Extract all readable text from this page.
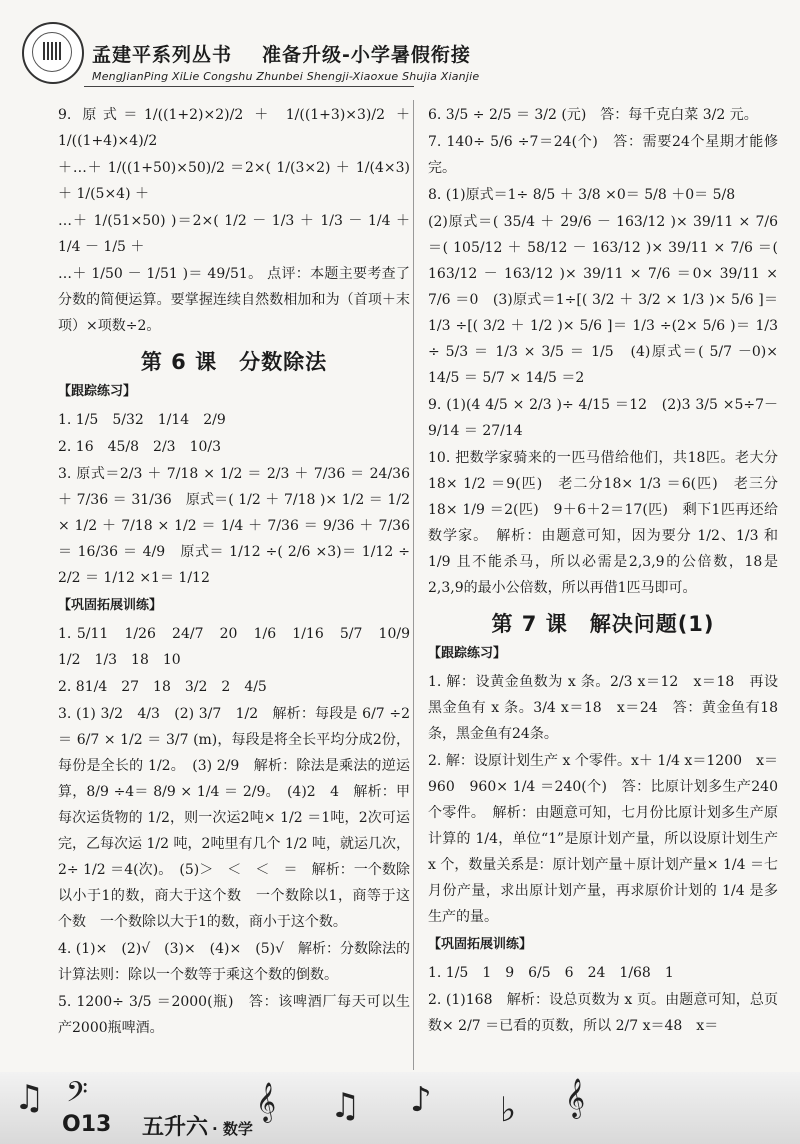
孟建平系列丛书 准备升级-小学暑假衔接
MengJianPing XiLie Congshu Zhunbei Shengji-Xiaoxue Shujia Xianjie

9. 原式＝1/((1+2)×2)/2 ＋ 1/((1+3)×3)/2 ＋ 1/((1+4)×4)/2

＋…＋ 1/((1+50)×50)/2 ＝2×( 1/(3×2) ＋ 1/(4×3) ＋ 1/(5×4) ＋

…＋ 1/(51×50) )＝2×( 1/2 － 1/3 ＋ 1/3 － 1/4 ＋ 1/4 － 1/5 ＋

…＋ 1/50 － 1/51 )＝ 49/51。 点评：本题主要考查了分数的简便运算。要掌握连续自然数相加和为（首项＋末项）×项数÷2。

第 6 课　分数除法
【跟踪练习】

1. 1/5　5/32　1/14　2/9

2. 16　45/8　2/3　10/3

3. 原式＝2/3 ＋ 7/18 × 1/2 ＝ 2/3 ＋ 7/36 ＝ 24/36 ＋ 7/36 ＝ 31/36　原式＝( 1/2 ＋ 7/18 )× 1/2 ＝ 1/2 × 1/2 ＋ 7/18 × 1/2 ＝ 1/4 ＋ 7/36 ＝ 9/36 ＋ 7/36 ＝ 16/36 ＝ 4/9　原式＝ 1/12 ÷( 2/6 ×3)＝ 1/12 ÷ 2/2 ＝ 1/12 ×1＝ 1/12

【巩固拓展训练】

1. 5/11　1/26　24/7　20　1/6　1/16　5/7　10/9　1/2　1/3　18　10

2. 81/4　27　18　3/2　2　4/5

3. (1) 3/2　4/3　(2) 3/7　1/2　解析：每段是 6/7 ÷2＝ 6/7 × 1/2 ＝ 3/7 (m)，每段是将全长平均分成2份，每份是全长的 1/2。　(3) 2/9　解析：除法是乘法的逆运算，8/9 ÷4＝ 8/9 × 1/4 ＝ 2/9。　(4)2　4　解析：甲每次运货物的 1/2，则一次运2吨× 1/2 ＝1吨，2次可运完，乙每次运 1/2 吨，2吨里有几个 1/2 吨，就运几次，2÷ 1/2 ＝4(次)。　(5)＞　＜　＜　＝　解析：一个数除以小于1的数，商大于这个数　一个数除以1，商等于这个数　一个数除以大于1的数，商小于这个数。

4. (1)×　(2)√　(3)×　(4)×　(5)√　解析：分数除法的计算法则：除以一个数等于乘这个数的倒数。

5. 1200÷ 3/5 ＝2000(瓶)　答：该啤酒厂每天可以生产2000瓶啤酒。

6. 3/5 ÷ 2/5 ＝ 3/2 (元)　答：每千克白菜 3/2 元。

7. 140÷ 5/6 ÷7＝24(个)　答：需要24个星期才能修完。

8. (1)原式＝1÷ 8/5 ＋ 3/8 ×0＝ 5/8 ＋0＝ 5/8

(2)原式＝( 35/4 ＋ 29/6 － 163/12 )× 39/11 × 7/6 ＝( 105/12 ＋ 58/12 － 163/12 )× 39/11 × 7/6 ＝( 163/12 － 163/12 )× 39/11 × 7/6 ＝0× 39/11 × 7/6 ＝0　(3)原式＝1÷[( 3/2 ＋ 3/2 × 1/3 )× 5/6 ]＝ 1/3 ÷[( 3/2 ＋ 1/2 )× 5/6 ]＝ 1/3 ÷(2× 5/6 )＝ 1/3 ÷ 5/3 ＝ 1/3 × 3/5 ＝ 1/5　(4)原式＝( 5/7 －0)× 14/5 ＝ 5/7 × 14/5 ＝2

9. (1)(4 4/5 × 2/3 )÷ 4/15 ＝12　(2)3 3/5 ×5÷7－ 9/14 ＝ 27/14

10. 把数学家骑来的一匹马借给他们，共18匹。老大分18× 1/2 ＝9(匹)　老二分18× 1/3 ＝6(匹)　老三分18× 1/9 ＝2(匹)　9＋6＋2＝17(匹)　剩下1匹再还给数学家。　解析：由题意可知，因为要分 1/2、1/3 和 1/9 且不能杀马，所以必需是2,3,9的公倍数，18是2,3,9的最小公倍数，所以再借1匹马即可。

第 7 课　解决问题(1)
【跟踪练习】

1. 解：设黄金鱼数为 x 条。2/3 x＝12　x＝18　再设黑金鱼有 x 条。3/4 x＝18　x＝24　答：黄金鱼有18条，黑金鱼有24条。

2. 解：设原计划生产 x 个零件。x＋ 1/4 x＝1200　x＝960　960× 1/4 ＝240(个)　答：比原计划多生产240个零件。　解析：由题意可知，七月份比原计划多生产原计算的 1/4，单位“1”是原计划产量，所以设原计划生产 x 个，数量关系是：原计划产量＋原计划产量× 1/4 ＝七月份产量，求出原计划产量，再求原价计划的 1/4 是多生产的量。

【巩固拓展训练】

1. 1/5　1　9　6/5　6　24　1/68　1

2. (1)168　解析：设总页数为 x 页。由题意可知，总页数× 2/7 ＝已看的页数，所以 2/7 x＝48　x＝

♫ 𝄢	𝄞 ♫ ♪ ♭ 𝄞
O13 五升六 · 数学
